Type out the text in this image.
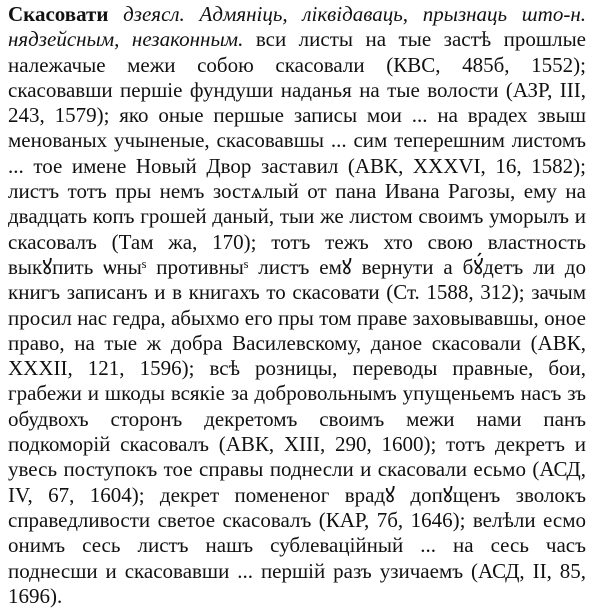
Скасовати дзеясл. Адмяніць, ліквідаваць, прызнаць што-н. нядзейсным, незаконным. вси листы на тые застѣ прошлые належачые межи собою скасовали (КВС, 485б, 1552); скасовавши першіе фундуши наданья на тые волости (АЗР, III, 243, 1579); яко оные першые записы мои ... на врадех звыш менованых учыненые, скасовавшы ... сим теперешним листомъ ... тое имене Новый Двор заставил (АВК, XXXVI, 16, 1582); листъ тотъ пры немъ зостѧлый от пана Ивана Рагозы, ему на двадцать копъ грошей даный, тыи же листом своимъ уморылъ и скасовалъ (Там жа, 170); тотъ тежъ хто свою властность выкꙋпить ѡныˢ противныˢ листъ емꙋ вернути а бꙋ́детъ ли до книгъ записанъ и в книгахъ то скасовати (Ст. 1588, 312); зачым просил нас гедра, абыхмо его пры том праве заховывавшы, оное право, на тые ж добра Василевскому, даное скасовали (АВК, XXXII, 121, 1596); всѣ розницы, переводы правные, бои, грабежи и шкоды всякіе за добровольнымъ упущеньемъ насъ зъ обудвохъ сторонъ декретомъ своимъ межи нами панъ подкоморій скасовалъ (АВК, XIII, 290, 1600); тотъ декретъ и увесь поступокъ тое справы поднесли и скасовали есьмо (АСД, IV, 67, 1604); декрет помененог врадꙋ допꙋщенъ зволокъ справедливости светое скасовалъ (КАР, 7б, 1646); велѣли есмо онимъ сесь листъ нашъ сублеваційный ... на сесь часъ поднесши и скасовавши ... першій разъ узичаемъ (АСД, II, 85, 1696).
